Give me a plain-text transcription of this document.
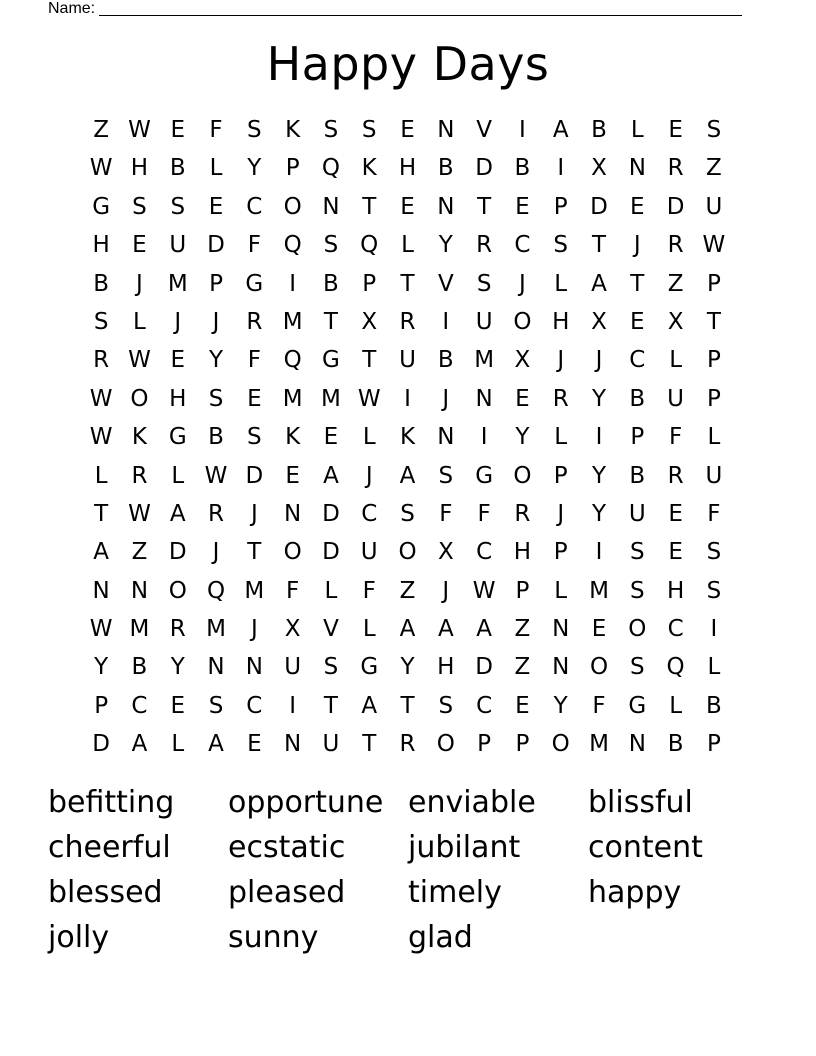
Name:
Happy Days
Z W E	F	S	K	S	S	E N V	I	A B	L	E	S
W H B	L	Y	P Q K H B D B	I	X N R Z
G S	S	E C O N T	E N T	E	P D E D U
H E U D F Q S Q L	Y	R C S	T	J	R W
B	J	M P G	I	B	P	T	V	S	J	L	A	T	Z	P
S	L	J	J	R M T	X R	I	U O H X	E	X	T
R W E	Y	F Q G T U B M X	J	J	C	L	P
W O H S	E M M W	I	J	N E	R	Y	B U P
W K G B	S	K	E	L	K N	I	Y	L	I	P	F	L
L	R	L W D E	A	J	A	S G O P	Y	B R U
T W A R	J	N D C S	F	F	R	J	Y U E	F
A Z D	J	T O D U O X C H P	I	S	E	S
N N O Q M F	L	F	Z	J	W P	L M S H S
W M R M	J	X V	L	A A A Z N E O C	I
Y	B	Y N N U S G Y H D Z N O S Q L
P	C	E	S C	I	T	A	T	S C	E	Y	F G L	B
D A	L	A	E N U T	R O P	P O M N B	P
befitting	opportune enviable	blissful
cheerful	ecstatic	jubilant	content
blessed	pleased	timely	happy
jolly	sunny	glad
